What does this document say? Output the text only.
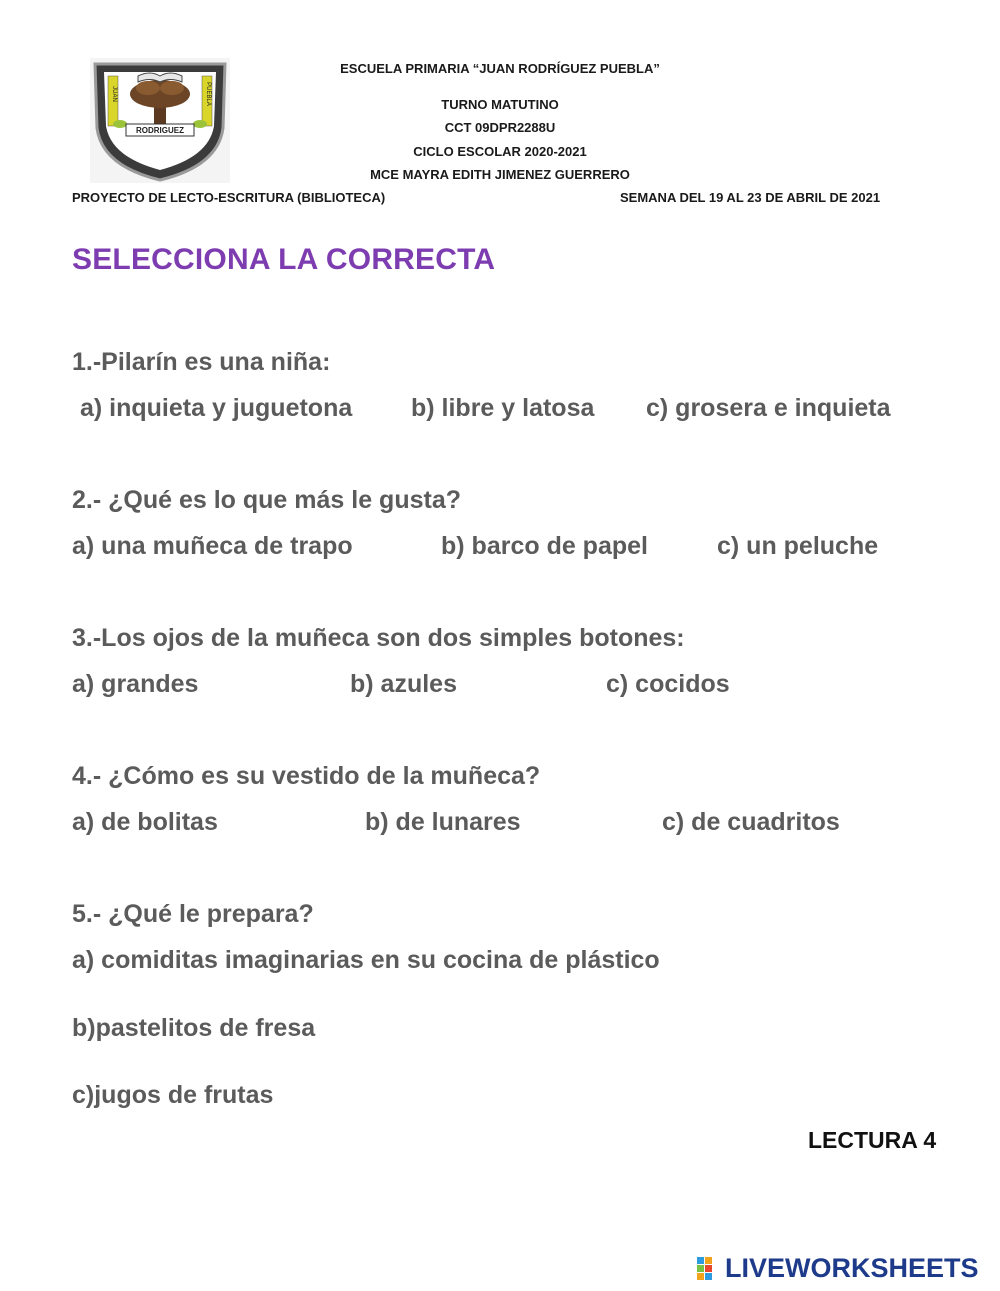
JUAN	PUEBLA
RODRIGUEZ
TURNO MATUTINO
CCT 09DPR2288U
ESCUELA PRIMARIA “JUAN RODRÍGUEZ PUEBLA”
TURNO MATUTINO
CCT 09DPR2288U
CICLO ESCOLAR 2020-2021
MCE MAYRA EDITH JIMENEZ GUERRERO
PROYECTO DE LECTO-ESCRITURA (BIBLIOTECA)	SEMANA DEL 19 AL 23 DE ABRIL DE 2021
SELECCIONA LA CORRECTA
1.-Pilarín es una niña:
a) inquieta y juguetona b) libre y latosa c) grosera e inquieta
2.- ¿Qué es lo que más le gusta?
a) una muñeca de trapo	b) barco de papel	c) un peluche
3.-Los ojos de la muñeca son dos simples botones:
a) grandes	b) azules	c) cocidos
4.- ¿Cómo es su vestido de la muñeca?
a) de bolitas	b) de lunares	c) de cuadritos
5.- ¿Qué le prepara?
a) comiditas imaginarias en su cocina de plástico
b)pastelitos de fresa
c)jugos de frutas
LECTURA 4
LIVEWORKSHEETS
